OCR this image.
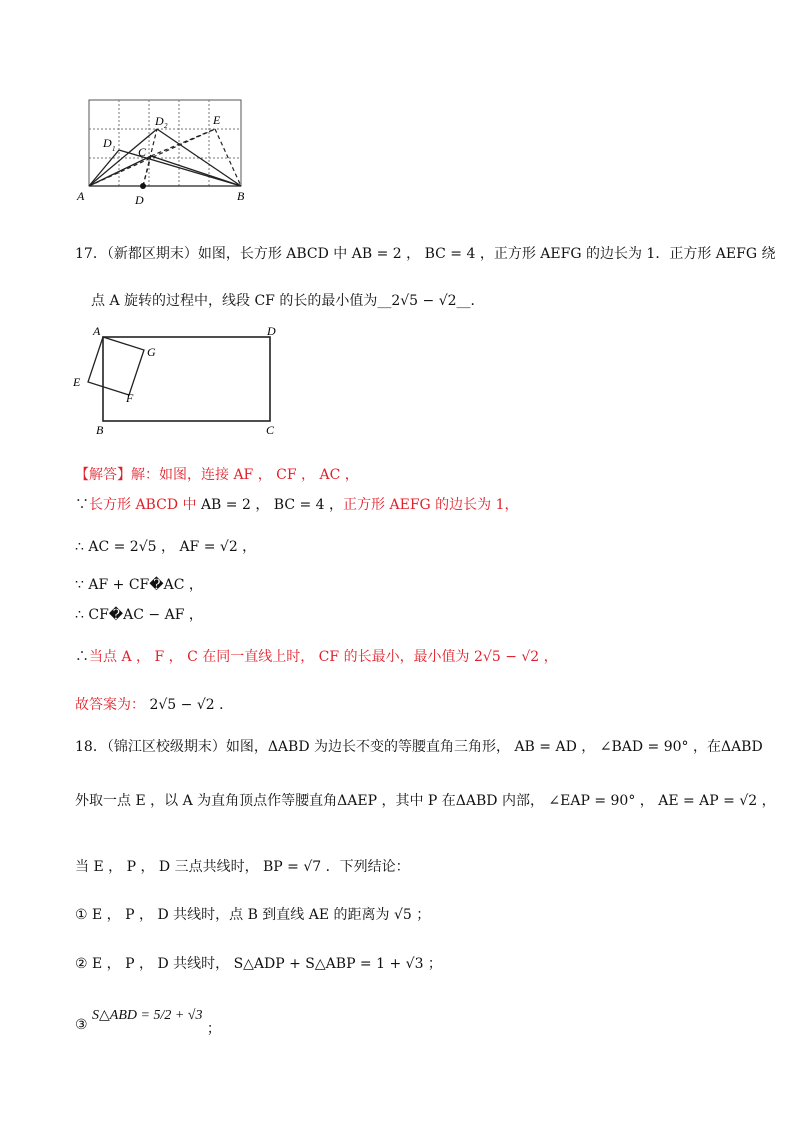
A	B
D
D 1
D 2	E
C
17．（新都区期末）如图，长方形 ABCD 中 AB = 2 ， BC = 4 ，正方形 AEFG 的边长为 1．正方形 AEFG 绕
点 A 旋转的过程中，线段 CF 的长的最小值为__2√5 − √2__．
A	D
B	C
E
F
G
【解答】解：如图，连接 AF ， CF ， AC ，
∵长方形 ABCD 中 AB = 2 ， BC = 4 ，正方形 AEFG 的边长为 1，
∴ AC = 2√5 ， AF = √2 ，
∵ AF + CF�AC ，
∴ CF�AC − AF ，
∴当点 A ， F ， C 在同一直线上时， CF 的长最小，最小值为 2√5 − √2 ，
故答案为： 2√5 − √2 ．
18．（锦江区校级期末）如图，ΔABD 为边长不变的等腰直角三角形， AB = AD ， ∠BAD = 90° ，在ΔABD
外取一点 E ，以 A 为直角顶点作等腰直角ΔAEP ，其中 P 在ΔABD 内部， ∠EAP = 90° ， AE = AP = √2 ，
当 E ， P ， D 三点共线时， BP = √7 ．下列结论：
① E ， P ， D 共线时，点 B 到直线 AE 的距离为 √5 ；
② E ， P ， D 共线时， S△ADP + S△ABP = 1 + √3 ；
③ S△ABD = 5/2 + √3 ；
